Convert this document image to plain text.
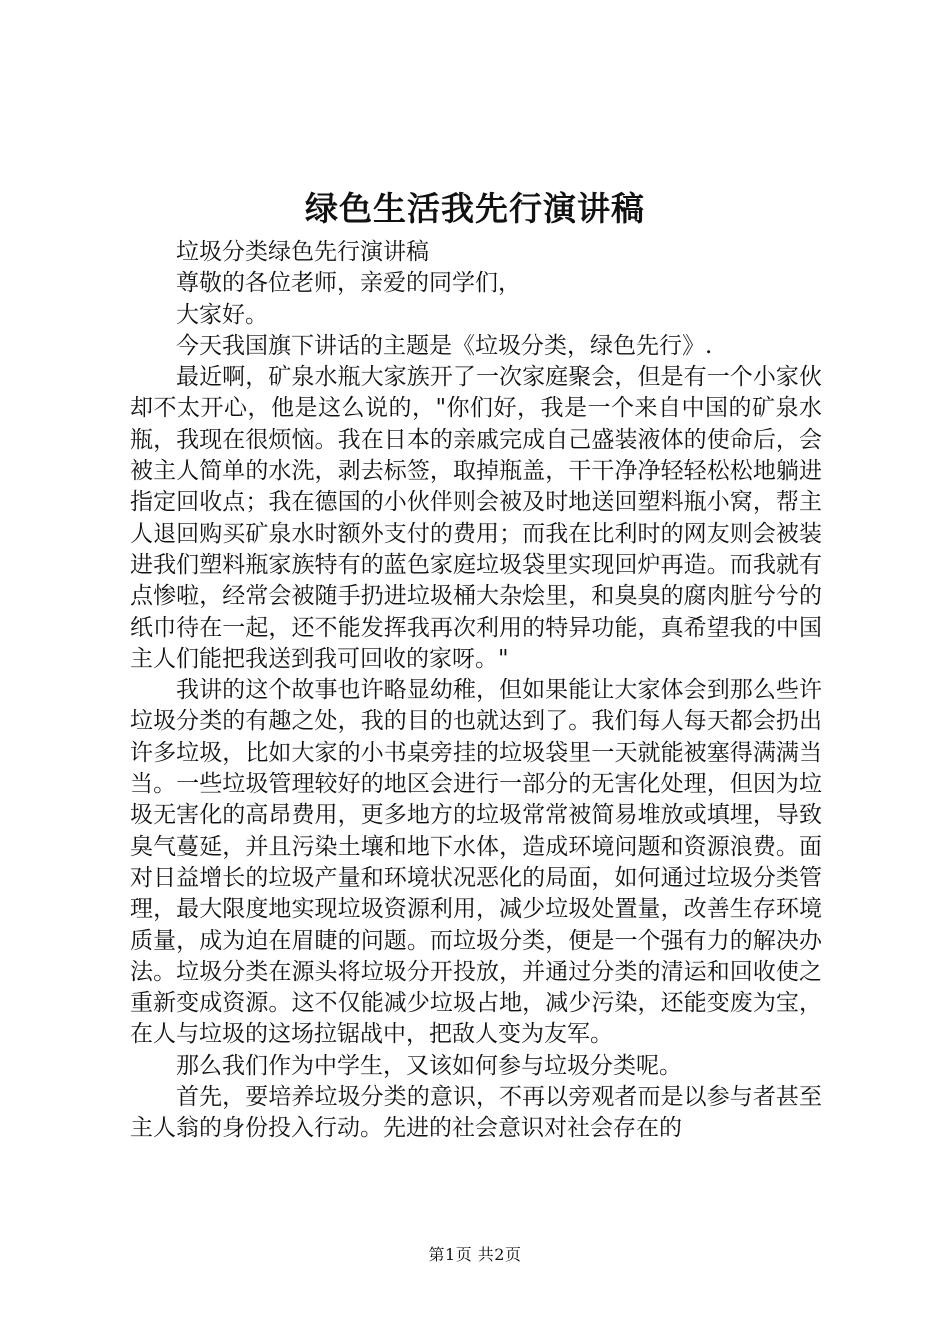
绿色生活我先行演讲稿

垃圾分类绿色先行演讲稿

尊敬的各位老师，亲爱的同学们，

大家好。

今天我国旗下讲话的主题是《垃圾分类，绿色先行》.

最近啊，矿泉水瓶大家族开了一次家庭聚会，但是有一个小家伙却不太开心，他是这么说的，"你们好，我是一个来自中国的矿泉水瓶，我现在很烦恼。我在日本的亲戚完成自己盛装液体的使命后，会被主人简单的水洗，剥去标签，取掉瓶盖，干干净净轻轻松松地躺进指定回收点；我在德国的小伙伴则会被及时地送回塑料瓶小窝，帮主人退回购买矿泉水时额外支付的费用；而我在比利时的网友则会被装进我们塑料瓶家族特有的蓝色家庭垃圾袋里实现回炉再造。而我就有点惨啦，经常会被随手扔进垃圾桶大杂烩里，和臭臭的腐肉脏兮兮的纸巾待在一起，还不能发挥我再次利用的特异功能，真希望我的中国主人们能把我送到我可回收的家呀。"

我讲的这个故事也许略显幼稚，但如果能让大家体会到那么些许垃圾分类的有趣之处，我的目的也就达到了。我们每人每天都会扔出许多垃圾，比如大家的小书桌旁挂的垃圾袋里一天就能被塞得满满当当。一些垃圾管理较好的地区会进行一部分的无害化处理，但因为垃圾无害化的高昂费用，更多地方的垃圾常常被简易堆放或填埋，导致臭气蔓延，并且污染土壤和地下水体，造成环境问题和资源浪费。面对日益增长的垃圾产量和环境状况恶化的局面，如何通过垃圾分类管理，最大限度地实现垃圾资源利用，减少垃圾处置量，改善生存环境质量，成为迫在眉睫的问题。而垃圾分类，便是一个强有力的解决办法。垃圾分类在源头将垃圾分开投放，并通过分类的清运和回收使之重新变成资源。这不仅能减少垃圾占地，减少污染，还能变废为宝，在人与垃圾的这场拉锯战中，把敌人变为友军。

那么我们作为中学生，又该如何参与垃圾分类呢。

首先，要培养垃圾分类的意识，不再以旁观者而是以参与者甚至主人翁的身份投入行动。先进的社会意识对社会存在的

第1页 共2页
